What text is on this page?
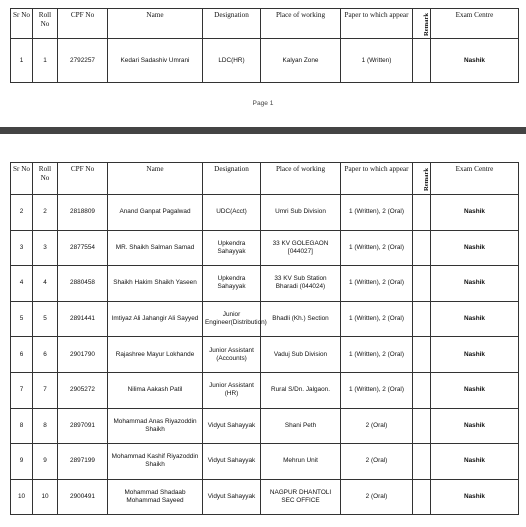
Sr No	Roll No	CPF No	Name	Designation	Place of working	Paper to which appear	Remark	Exam Centre
1	1	2792257	Kedari Sadashiv Umrani	LDC(HR)	Kalyan Zone	1 (Written)		Nashik
Page 1
Sr No	Roll No	CPF No	Name	Designation	Place of working	Paper to which appear	Remark	Exam Centre
2	2	2818809	Anand Ganpat Pagalwad	UDC(Acct)	Umri Sub Division	1 (Written), 2 (Oral)		Nashik
3	3	2877554	MR. Shaikh Salman Samad	Upkendra Sahayyak	33 KV GOLEGAON [044027]	1 (Written), 2 (Oral)		Nashik
4	4	2880458	Shaikh Hakim Shaikh Yaseen	Upkendra Sahayyak	33 KV Sub Station Bharadi (044024)	1 (Written), 2 (Oral)		Nashik
5	5	2891441	Imtiyaz Ali Jahangir Ali Sayyed	Junior Engineer(Distribution)	Bhadli (Kh.) Section	1 (Written), 2 (Oral)		Nashik
6	6	2901790	Rajashree Mayur Lokhande	Junior Assistant (Accounts)	Vaduj Sub Division	1 (Written), 2 (Oral)		Nashik
7	7	2905272	Nilima Aakash Patil	Junior Assistant (HR)	Rural S/Dn. Jalgaon.	1 (Written), 2 (Oral)		Nashik
8	8	2897091	Mohammad Anas Riyazoddin Shaikh	Vidyut Sahayyak	Shani Peth	2 (Oral)		Nashik
9	9	2897199	Mohammad Kashif Riyazoddin Shaikh	Vidyut Sahayyak	Mehrun Unit	2 (Oral)		Nashik
10	10	2900491	Mohammad Shadaab Mohammad Sayeed	Vidyut Sahayyak	NAGPUR DHANTOLI SEC OFFICE	2 (Oral)		Nashik
